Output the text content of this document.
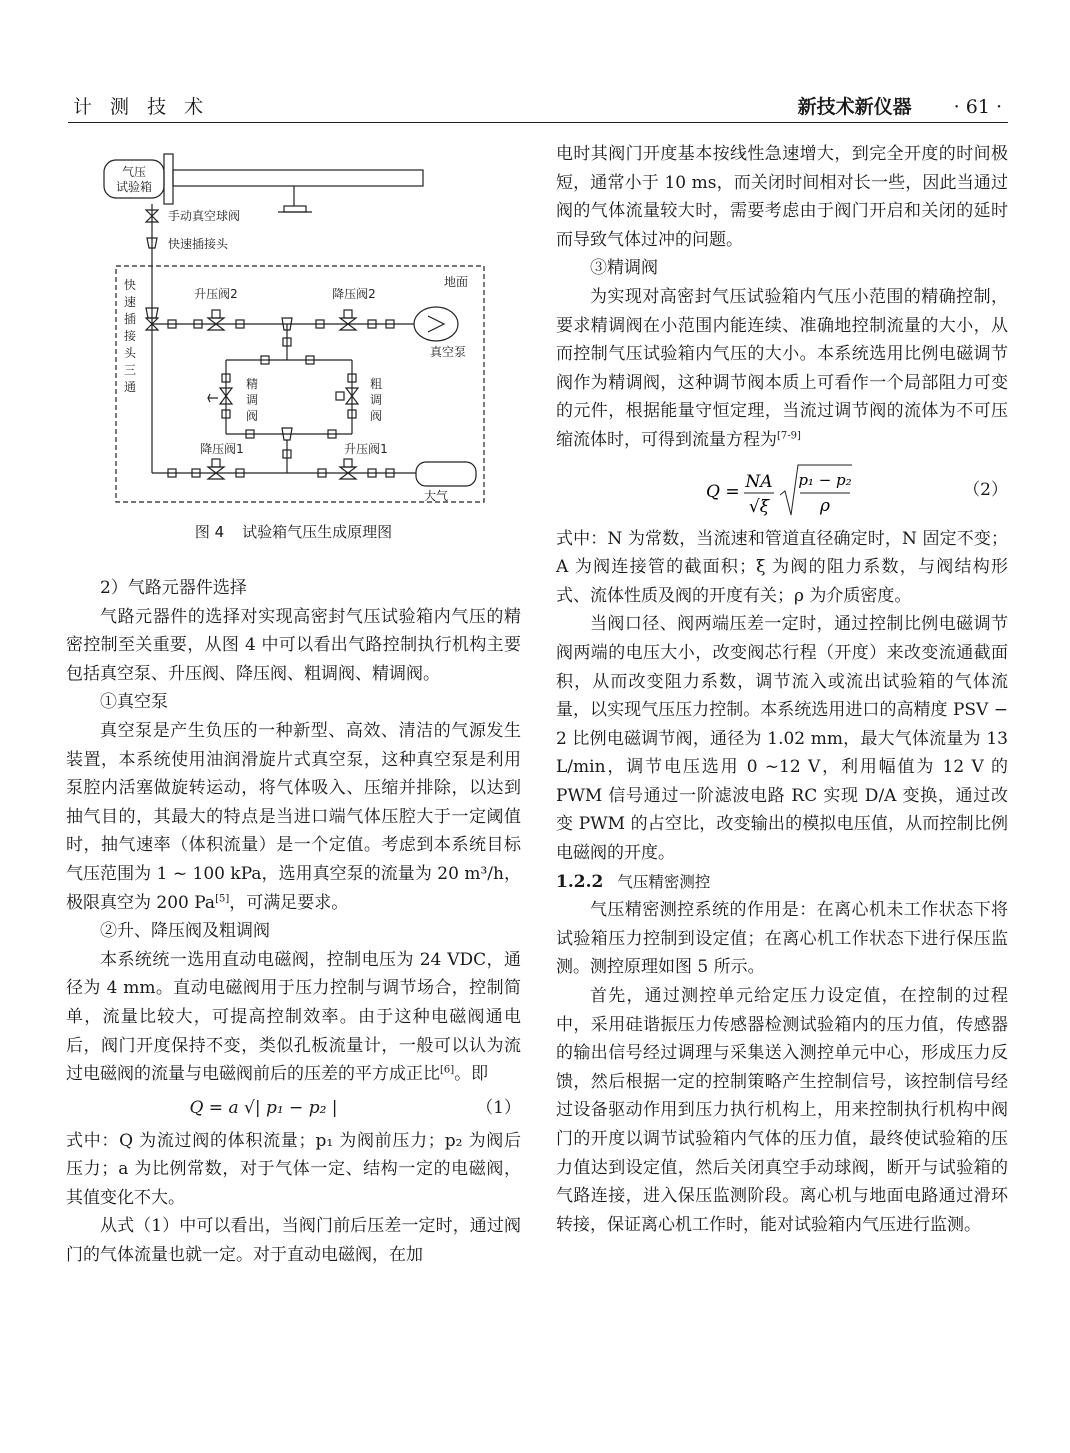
计 测 技 术	新技术新仪器 · 61 ·
气压
试验箱
手动真空球阀
快速插接头
快
速
插
接
头
三
通
升压阀2	降压阀2
地面
真空泵
精
调
阀
粗
调
阀
降压阀1	升压阀1
大气
图 4 试验箱气压生成原理图

2）气路元器件选择

气路元器件的选择对实现高密封气压试验箱内气压的精密控制至关重要，从图 4 中可以看出气路控制执行机构主要包括真空泵、升压阀、降压阀、粗调阀、精调阀。

①真空泵

真空泵是产生负压的一种新型、高效、清洁的气源发生装置，本系统使用油润滑旋片式真空泵，这种真空泵是利用泵腔内活塞做旋转运动，将气体吸入、压缩并排除，以达到抽气目的，其最大的特点是当进口端气体压腔大于一定阈值时，抽气速率（体积流量）是一个定值。考虑到本系统目标气压范围为 1 ~ 100 kPa，选用真空泵的流量为 20 m³/h，极限真空为 200 Pa[5]，可满足要求。

②升、降压阀及粗调阀

本系统统一选用直动电磁阀，控制电压为 24 VDC，通径为 4 mm。直动电磁阀用于压力控制与调节场合，控制简单，流量比较大，可提高控制效率。由于这种电磁阀通电后，阀门开度保持不变，类似孔板流量计，一般可以认为流过电磁阀的流量与电磁阀前后的压差的平方成正比[6]。即

Q = a √| p₁ − p₂ |	（1）

式中：Q 为流过阀的体积流量；p₁ 为阀前压力；p₂ 为阀后压力；a 为比例常数，对于气体一定、结构一定的电磁阀，其值变化不大。

从式（1）中可以看出，当阀门前后压差一定时，通过阀门的气体流量也就一定。对于直动电磁阀，在加

电时其阀门开度基本按线性急速增大，到完全开度的时间极短，通常小于 10 ms，而关闭时间相对长一些，因此当通过阀的气体流量较大时，需要考虑由于阀门开启和关闭的延时而导致气体过冲的问题。

③精调阀

为实现对高密封气压试验箱内气压小范围的精确控制，要求精调阀在小范围内能连续、准确地控制流量的大小，从而控制气压试验箱内气压的大小。本系统选用比例电磁调节阀作为精调阀，这种调节阀本质上可看作一个局部阻力可变的元件，根据能量守恒定理，当流过调节阀的流体为不可压缩流体时，可得到流量方程为[7-9]

Q = NA
√ξ
p₁ − p₂
ρ
（2）

式中：N 为常数，当流速和管道直径确定时，N 固定不变；A 为阀连接管的截面积；ξ 为阀的阻力系数，与阀结构形式、流体性质及阀的开度有关；ρ 为介质密度。

当阀口径、阀两端压差一定时，通过控制比例电磁调节阀两端的电压大小，改变阀芯行程（开度）来改变流通截面积，从而改变阻力系数，调节流入或流出试验箱的气体流量，以实现气压压力控制。本系统选用进口的高精度 PSV − 2 比例电磁调节阀，通径为 1.02 mm，最大气体流量为 13 L/min，调节电压选用 0 ~12 V，利用幅值为 12 V 的 PWM 信号通过一阶滤波电路 RC 实现 D/A 变换，通过改变 PWM 的占空比，改变输出的模拟电压值，从而控制比例电磁阀的开度。

1.2.2 气压精密测控

气压精密测控系统的作用是：在离心机未工作状态下将试验箱压力控制到设定值；在离心机工作状态下进行保压监测。测控原理如图 5 所示。

首先，通过测控单元给定压力设定值，在控制的过程中，采用硅谐振压力传感器检测试验箱内的压力值，传感器的输出信号经过调理与采集送入测控单元中心，形成压力反馈，然后根据一定的控制策略产生控制信号，该控制信号经过设备驱动作用到压力执行机构上，用来控制执行机构中阀门的开度以调节试验箱内气体的压力值，最终使试验箱的压力值达到设定值，然后关闭真空手动球阀，断开与试验箱的气路连接，进入保压监测阶段。离心机与地面电路通过滑环转接，保证离心机工作时，能对试验箱内气压进行监测。
